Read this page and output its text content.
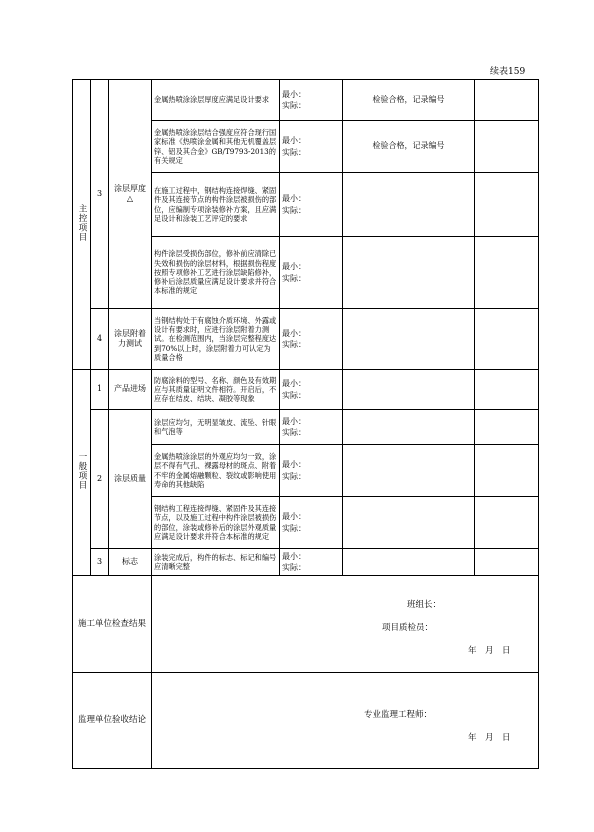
续表159
主控项目	3	涂层厚度△	金属热喷涂涂层厚度应满足设计要求	最小：
实际：	检验合格，记录编号	
			金属热喷涂涂层结合强度应符合现行国家标准《热喷涂金属和其他无机覆盖层锌、铝及其合金》GB/T9793-2013的有关规定	最小：
实际：	检验合格，记录编号	
			在施工过程中，钢结构连接焊缝、紧固件及其连接节点的构件涂层被损伤的部位，应编制专项涂装修补方案，且应满足设计和涂装工艺评定的要求	最小：
实际：		

			构件涂层受损伤部位，修补前应清除已失效和损伤的涂层材料，根据损伤程度按照专项修补工艺进行涂层缺陷修补，修补后涂层质量应满足设计要求并符合本标准的规定	最小：
实际：		

	4	涂层附着力测试	当钢结构处于有腐蚀介质环境、外露或设计有要求时，应进行涂层附着力测试。在检测范围内，当涂层完整程度达到70%以上时，涂层附着力可认定为质量合格	最小：
实际：		

一般项目	1	产品进场	防腐涂料的型号、名称、颜色及有效期应与其质量证明文件相符。开启后，不应存在结皮、结块、凝胶等现象	最小：
实际：		

	2	涂层质量	涂层应均匀，无明显皱皮、流坠、针眼和气泡等	最小：
实际：		

			金属热喷涂涂层的外观应均匀一致，涂层不得有气孔、裸露母材的斑点、附着不牢的金属熔融颗粒、裂纹或影响使用寿命的其他缺陷	最小：
实际：		

			钢结构工程连接焊缝、紧固件及其连接节点，以及施工过程中构件涂层被损伤的部位，涂装或修补后的涂层外观质量应满足设计要求并符合本标准的规定	最小：
实际：		

	3	标志	涂装完成后，构件的标志、标记和编号应清晰完整	最小：
实际：		

施工单位检查结果			班组长：
项目质检员：
年　月　日			

监理单位验收结论			专业监理工程师：
年　月　日			
